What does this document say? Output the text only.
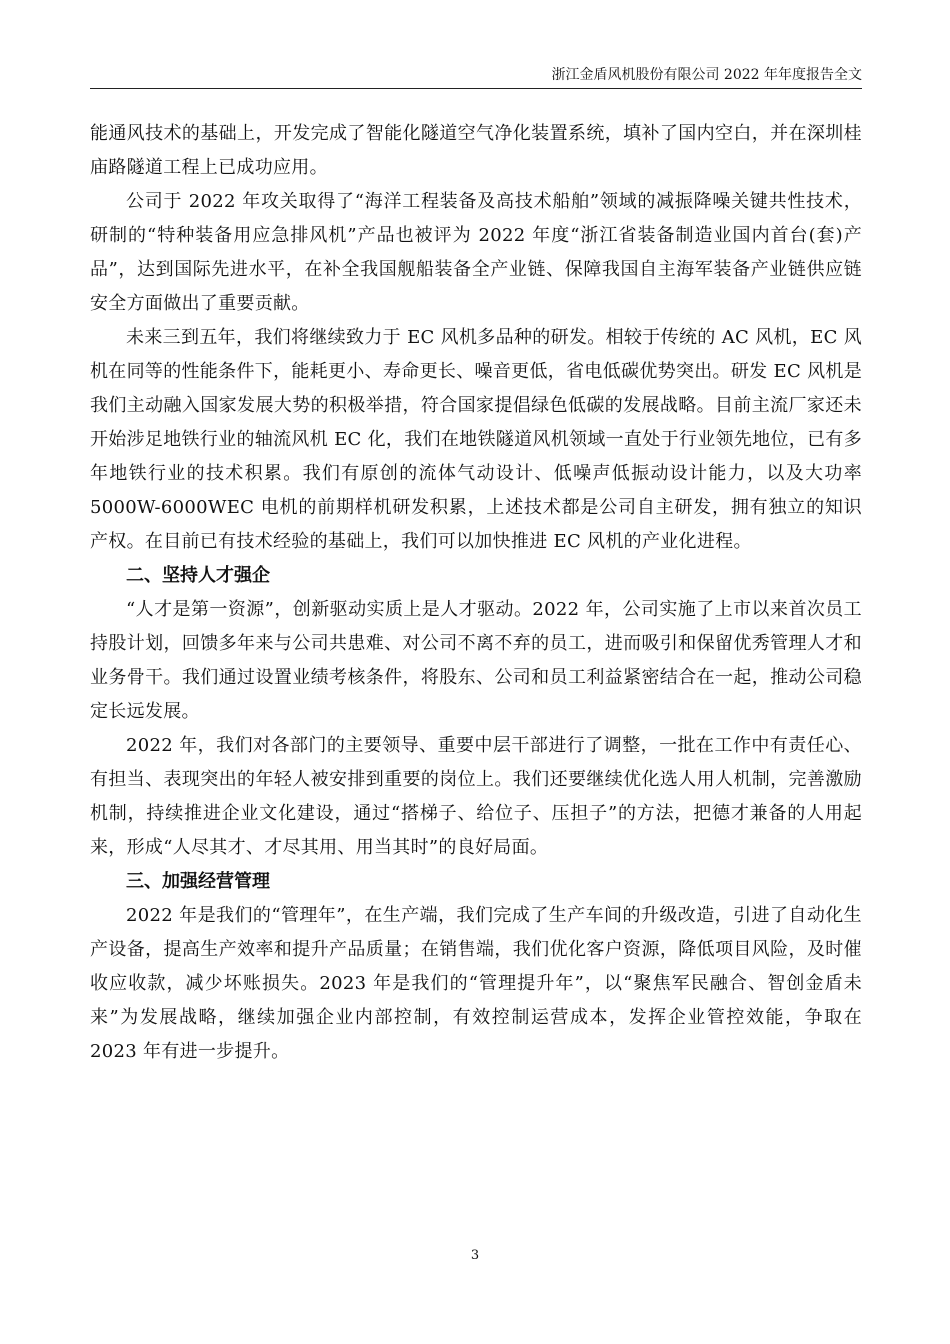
浙江金盾风机股份有限公司 2022 年年度报告全文

能通风技术的基础上，开发完成了智能化隧道空气净化装置系统，填补了国内空白，并在深圳桂庙路隧道工程上已成功应用。

公司于 2022 年攻关取得了“海洋工程装备及高技术船舶”领域的减振降噪关键共性技术，研制的“特种装备用应急排风机”产品也被评为 2022 年度“浙江省装备制造业国内首台(套)产品”，达到国际先进水平，在补全我国舰船装备全产业链、保障我国自主海军装备产业链供应链安全方面做出了重要贡献。

未来三到五年，我们将继续致力于 EC 风机多品种的研发。相较于传统的 AC 风机，EC 风机在同等的性能条件下，能耗更小、寿命更长、噪音更低，省电低碳优势突出。研发 EC 风机是我们主动融入国家发展大势的积极举措，符合国家提倡绿色低碳的发展战略。目前主流厂家还未开始涉足地铁行业的轴流风机 EC 化，我们在地铁隧道风机领域一直处于行业领先地位，已有多年地铁行业的技术积累。我们有原创的流体气动设计、低噪声低振动设计能力，以及大功率 5000W-6000WEC 电机的前期样机研发积累，上述技术都是公司自主研发，拥有独立的知识产权。在目前已有技术经验的基础上，我们可以加快推进 EC 风机的产业化进程。

二、坚持人才强企

“人才是第一资源”，创新驱动实质上是人才驱动。2022 年，公司实施了上市以来首次员工持股计划，回馈多年来与公司共患难、对公司不离不弃的员工，进而吸引和保留优秀管理人才和业务骨干。我们通过设置业绩考核条件，将股东、公司和员工利益紧密结合在一起，推动公司稳定长远发展。

2022 年，我们对各部门的主要领导、重要中层干部进行了调整，一批在工作中有责任心、有担当、表现突出的年轻人被安排到重要的岗位上。我们还要继续优化选人用人机制，完善激励机制，持续推进企业文化建设，通过“搭梯子、给位子、压担子”的方法，把德才兼备的人用起来，形成“人尽其才、才尽其用、用当其时”的良好局面。

三、加强经营管理

2022 年是我们的“管理年”，在生产端，我们完成了生产车间的升级改造，引进了自动化生产设备，提高生产效率和提升产品质量；在销售端，我们优化客户资源，降低项目风险，及时催收应收款，减少坏账损失。2023 年是我们的“管理提升年”，以“聚焦军民融合、智创金盾未来”为发展战略，继续加强企业内部控制，有效控制运营成本，发挥企业管控效能，争取在 2023 年有进一步提升。

3
